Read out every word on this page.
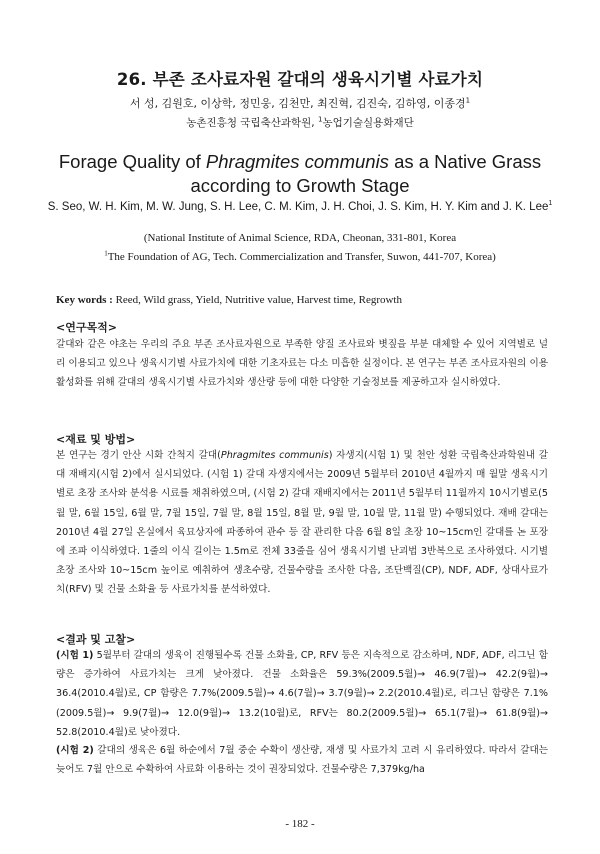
26. 부존 조사료자원 갈대의 생육시기별 사료가치
서 성, 김원호, 이상학, 정민웅, 김천만, 최진혁, 김진숙, 김하영, 이종경$^1$
농촌진흥청 국립축산과학원, $^1$농업기술실용화재단
Forage Quality of Phragmites communis as a Native Grass according to Growth Stage
S. Seo, W. H. Kim, M. W. Jung, S. H. Lee, C. M. Kim, J. H. Choi, J. S. Kim, H. Y. Kim and J. K. Lee$^1$
(National Institute of Animal Science, RDA, Cheonan, 331-801, Korea
$^1$The Foundation of AG, Tech. Commercialization and Transfer, Suwon, 441-707, Korea)
Key words : Reed, Wild grass, Yield, Nutritive value, Harvest time, Regrowth
<연구목적>
갈대와 같은 야초는 우리의 주요 부존 조사료자원으로 부족한 양질 조사료와 볏짚을 부분 대체할 수 있어 지역별로 널리 이용되고 있으나 생육시기별 사료가치에 대한 기초자료는 다소 미흡한 실정이다. 본 연구는 부존 조사료자원의 이용 활성화를 위해 갈대의 생육시기별 사료가치와 생산량 등에 대한 다양한 기술정보를 제공하고자 실시하였다.
<재료 및 방법>
본 연구는 경기 안산 시화 간척지 갈대(Phragmites communis) 자생지(시험 1) 및 천안 성환 국립축산과학원내 갈대 재배지(시험 2)에서 실시되었다. (시험 1) 갈대 자생지에서는 2009년 5월부터 2010년 4월까지 매 월말 생육시기별로 초장 조사와 분석용 시료를 채취하였으며, (시험 2) 갈대 재배지에서는 2011년 5월부터 11월까지 10시기별로(5월 말, 6월 15일, 6월 말, 7월 15일, 7월 말, 8월 15일, 8월 말, 9월 말, 10월 말, 11월 말) 수행되었다. 재배 갈대는 2010년 4월 27일 온실에서 육묘상자에 파종하여 관수 등 잘 관리한 다음 6월 8일 초장 10~15cm인 갈대를 논 포장에 조파 이식하였다. 1줄의 이식 길이는 1.5m로 전체 33줄을 심어 생육시기별 난괴법 3반복으로 조사하였다. 시기별 초장 조사와 10~15cm 높이로 예취하여 생초수량, 건물수량을 조사한 다음, 조단백질(CP), NDF, ADF, 상대사료가치(RFV) 및 건물 소화율 등 사료가치를 분석하였다.
<결과 및 고찰>
(시험 1) 5월부터 갈대의 생육이 진행될수록 건물 소화율, CP, RFV 등은 지속적으로 감소하며, NDF, ADF, 리그닌 함량은 증가하여 사료가치는 크게 낮아졌다. 건물 소화율은 59.3%(2009.5월)→ 46.9(7월)→ 42.2(9월)→ 36.4(2010.4월)로, CP 함량은 7.7%(2009.5월)→ 4.6(7월)→ 3.7(9월)→ 2.2(2010.4월)로, 리그닌 함량은 7.1%(2009.5월)→ 9.9(7월)→ 12.0(9월)→ 13.2(10월)로, RFV는 80.2(2009.5월)→ 65.1(7월)→ 61.8(9월)→ 52.8(2010.4월)로 낮아졌다.
(시험 2) 갈대의 생육은 6월 하순에서 7월 중순 수확이 생산량, 재생 및 사료가치 고려 시 유리하였다. 따라서 갈대는 늦어도 7월 안으로 수확하여 사료화 이용하는 것이 권장되었다. 건물수량은 7,379kg/ha
- 182 -
